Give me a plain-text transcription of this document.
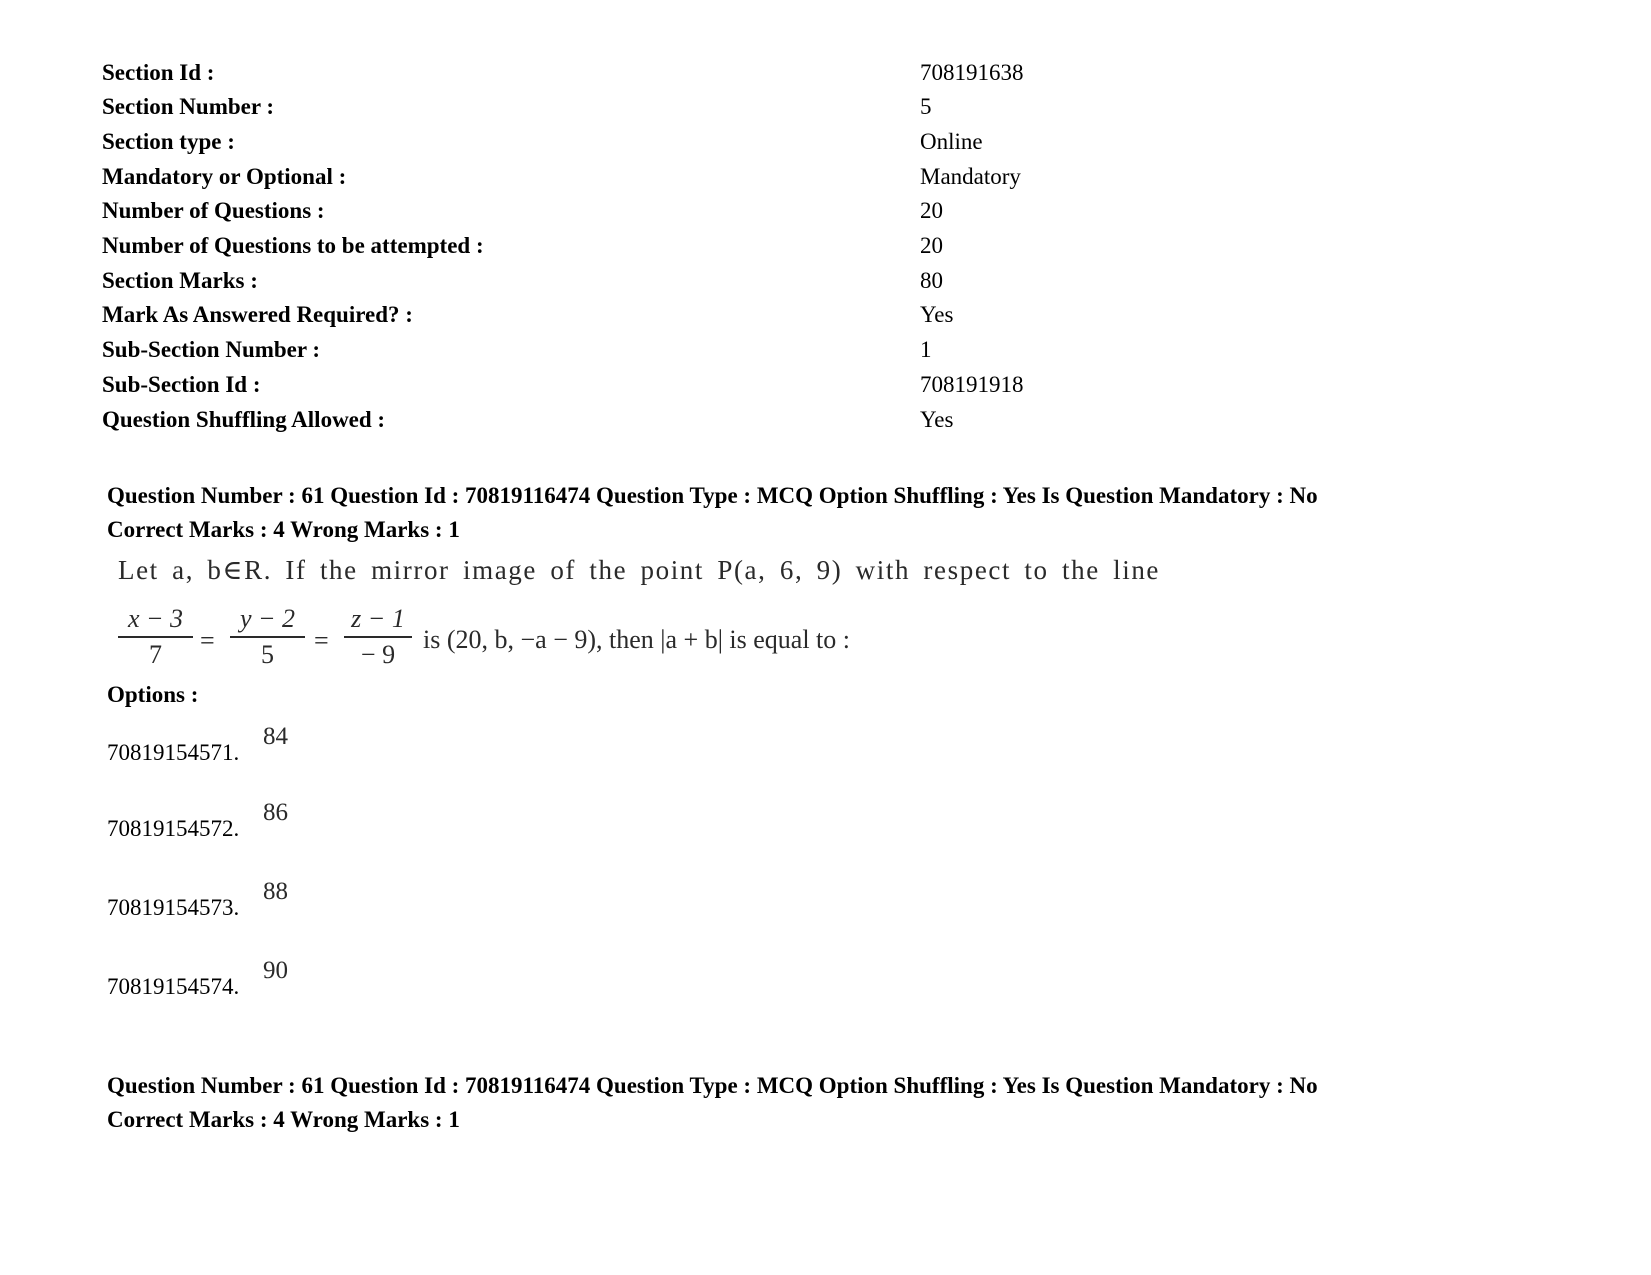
Section Id :	708191638
Section Number :	5
Section type :	Online
Mandatory or Optional :	Mandatory
Number of Questions :	20
Number of Questions to be attempted :	20
Section Marks :	80
Mark As Answered Required? :	Yes
Sub-Section Number :	1
Sub-Section Id :	708191918
Question Shuffling Allowed :	Yes
Question Number : 61 Question Id : 70819116474 Question Type : MCQ Option Shuffling : Yes Is Question Mandatory : No
Correct Marks : 4 Wrong Marks : 1
Let a, b∈R. If the mirror image of the point P(a, 6, 9) with respect to the line
x − 3
7	=
y − 2
5	=
z − 1
− 9
is (20, b, −a − 9), then |a + b| is equal to :
Options :
70819154571.
84
70819154572.
86
70819154573.
88
70819154574.
90
Question Number : 61 Question Id : 70819116474 Question Type : MCQ Option Shuffling : Yes Is Question Mandatory : No
Correct Marks : 4 Wrong Marks : 1
